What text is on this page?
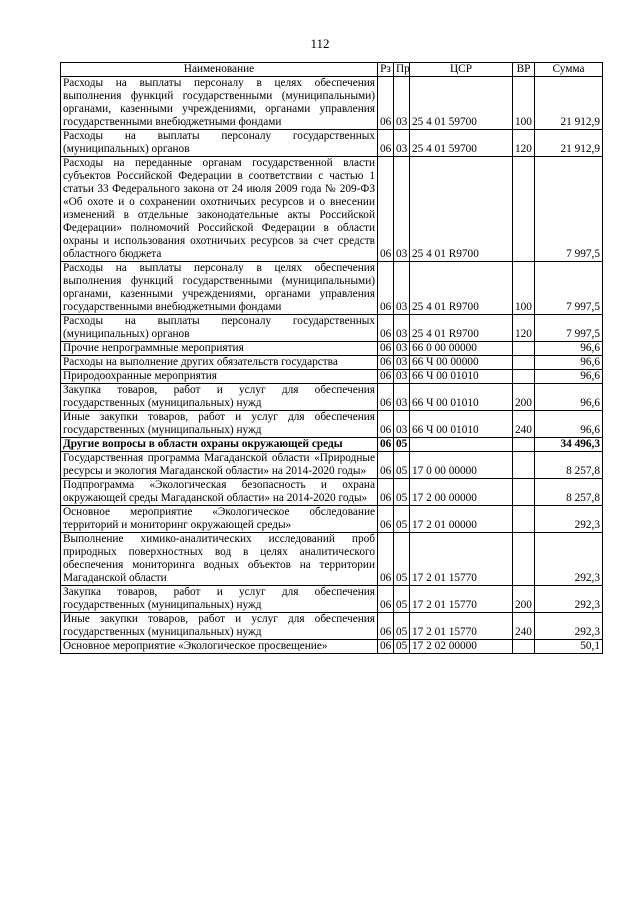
112
Наименование	Рз	Пр	ЦСР	ВР	Сумма
Расходы на выплаты персоналу в целях обеспечения выполнения функций государственными (муниципальными) органами, казенными учреждениями, органами управления государственными внебюджетными фондами	06	03	25 4 01 59700	100	21 912,9
Расходы на выплаты персоналу государственных (муниципальных) органов	06	03	25 4 01 59700	120	21 912,9
Расходы на переданные органам государственной власти субъектов Российской Федерации в соответствии с частью 1 статьи 33 Федерального закона от 24 июля 2009 года № 209-ФЗ «Об охоте и о сохранении охотничьих ресурсов и о внесении изменений в отдельные законодательные акты Российской Федерации» полномочий Российской Федерации в области охраны и использования охотничьих ресурсов за счет средств областного бюджета	06	03	25 4 01 R9700		7 997,5
Расходы на выплаты персоналу в целях обеспечения выполнения функций государственными (муниципальными) органами, казенными учреждениями, органами управления государственными внебюджетными фондами	06	03	25 4 01 R9700	100	7 997,5
Расходы на выплаты персоналу государственных (муниципальных) органов	06	03	25 4 01 R9700	120	7 997,5
Прочие непрограммные мероприятия	06	03	66 0 00 00000		96,6
Расходы на выполнение других обязательств государства	06	03	66 Ч 00 00000		96,6
Природоохранные мероприятия	06	03	66 Ч 00 01010		96,6
Закупка товаров, работ и услуг для обеспечения государственных (муниципальных) нужд	06	03	66 Ч 00 01010	200	96,6
Иные закупки товаров, работ и услуг для обеспечения государственных (муниципальных) нужд	06	03	66 Ч 00 01010	240	96,6
Другие вопросы в области охраны окружающей среды	06	05			34 496,3
Государственная программа Магаданской области «Природные ресурсы и экология Магаданской области» на 2014-2020 годы»	06	05	17 0 00 00000		8 257,8
Подпрограмма «Экологическая безопасность и охрана окружающей среды Магаданской области» на 2014-2020 годы»	06	05	17 2 00 00000		8 257,8
Основное мероприятие «Экологическое обследование территорий и мониторинг окружающей среды»	06	05	17 2 01 00000		292,3
Выполнение химико-аналитических исследований проб природных поверхностных вод в целях аналитического обеспечения мониторинга водных объектов на территории Магаданской области	06	05	17 2 01 15770		292,3
Закупка товаров, работ и услуг для обеспечения государственных (муниципальных) нужд	06	05	17 2 01 15770	200	292,3
Иные закупки товаров, работ и услуг для обеспечения государственных (муниципальных) нужд	06	05	17 2 01 15770	240	292,3
Основное мероприятие «Экологическое просвещение»	06	05	17 2 02 00000		50,1
